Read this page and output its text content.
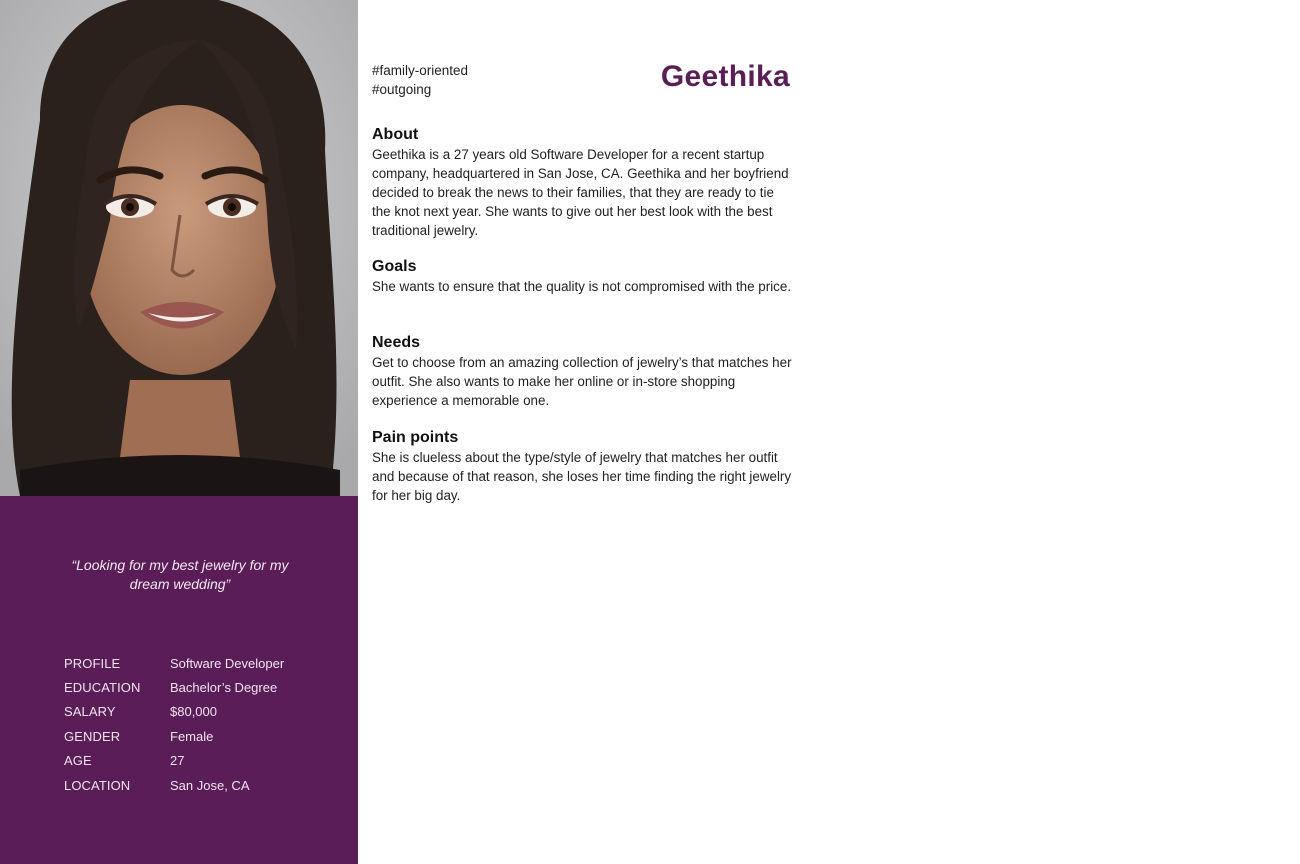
“Looking for my best jewelry for my dream wedding”
PROFILE	Software Developer
EDUCATION	Bachelor’s Degree
SALARY	$80,000
GENDER	Female
AGE	27
LOCATION	San Jose, CA
#family-oriented
#outgoing	Geethika
About

Geethika is a 27 years old Software Developer for a recent startup company, headquartered in San Jose, CA. Geethika and her boyfriend decided to break the news to their families, that they are ready to tie the knot next year. She wants to give out her best look with the best traditional jewelry.

Goals

She wants to ensure that the quality is not compromised with the price.

Needs

Get to choose from an amazing collection of jewelry’s that matches her outfit. She also wants to make her online or in-store shopping experience a memorable one.

Pain points

She is clueless about the type/style of jewelry that matches her outfit and because of that reason, she loses her time finding the right jewelry for her big day.
